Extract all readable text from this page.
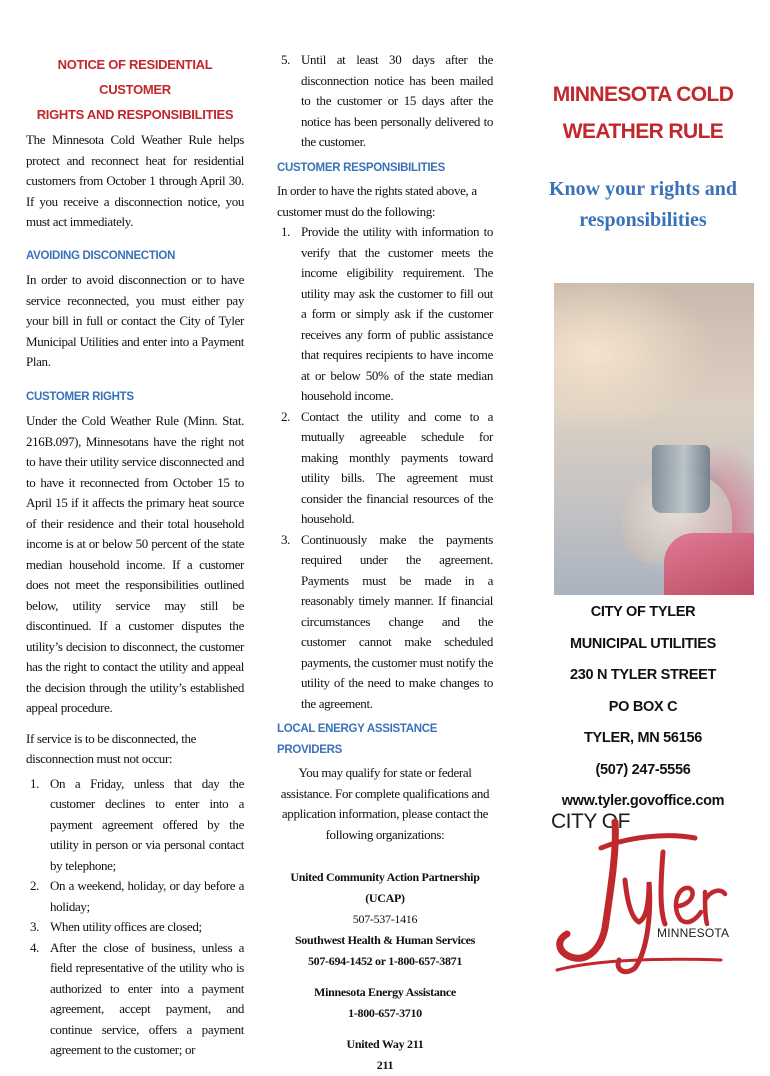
NOTICE OF RESIDENTIAL CUSTOMER
RIGHTS AND RESPONSIBILITIES

The Minnesota Cold Weather Rule helps protect and reconnect heat for residential customers from October 1 through April 30. If you receive a disconnection notice, you must act immediately.

AVOIDING DISCONNECTION

In order to avoid disconnection or to have service reconnected, you must either pay your bill in full or contact the City of Tyler Municipal Utilities and enter into a Payment Plan.

CUSTOMER RIGHTS

Under the Cold Weather Rule (Minn. Stat. 216B.097), Minnesotans have the right not to have their utility service disconnected and to have it reconnected from October 15 to April 15 if it affects the primary heat source of their residence and their total household income is at or below 50 percent of the state median household income. If a customer does not meet the responsibilities outlined below, utility service may still be discontinued. If a customer disputes the utility’s decision to disconnect, the customer has the right to contact the utility and appeal the decision through the utility’s established appeal procedure.

If service is to be disconnected, the disconnection must not occur:

1. On a Friday, unless that day the customer declines to enter into a payment agreement offered by the utility in person or via personal contact by telephone;
2. On a weekend, holiday, or day before a holiday;
3. When utility offices are closed;
4. After the close of business, unless a field representative of the utility who is authorized to enter into a payment agreement, accept payment, and continue service, offers a payment agreement to the customer; or
5. Until at least 30 days after the disconnection notice has been mailed to the customer or 15 days after the notice has been personally delivered to the customer.

CUSTOMER RESPONSIBILITIES

In order to have the rights stated above, a customer must do the following:

1. Provide the utility with information to verify that the customer meets the income eligibility requirement. The utility may ask the customer to fill out a form or simply ask if the customer receives any form of public assistance that requires recipients to have income at or below 50% of the state median household income.
2. Contact the utility and come to a mutually agreeable schedule for making monthly payments toward utility bills. The agreement must consider the financial resources of the household.
3. Continuously make the payments required under the agreement. Payments must be made in a reasonably timely manner. If financial circumstances change and the customer cannot make scheduled payments, the customer must notify the utility of the need to make changes to the agreement.

LOCAL ENERGY ASSISTANCE PROVIDERS

You may qualify for state or federal assistance. For complete qualifications and application information, please contact the following organizations:

United Community Action Partnership (UCAP)
507-537-1416
Southwest Health & Human Services
507-694-1452 or 1-800-657-3871
Minnesota Energy Assistance
1-800-657-3710
United Way 211
211
MINNESOTA COLD
WEATHER RULE
Know your rights and
responsibilities

CITY OF TYLER

MUNICIPAL UTILITIES

230 N TYLER STREET

PO BOX C

TYLER, MN 56156

(507) 247-5556

www.tyler.govoffice.com

CITY OF
MINNESOTA
